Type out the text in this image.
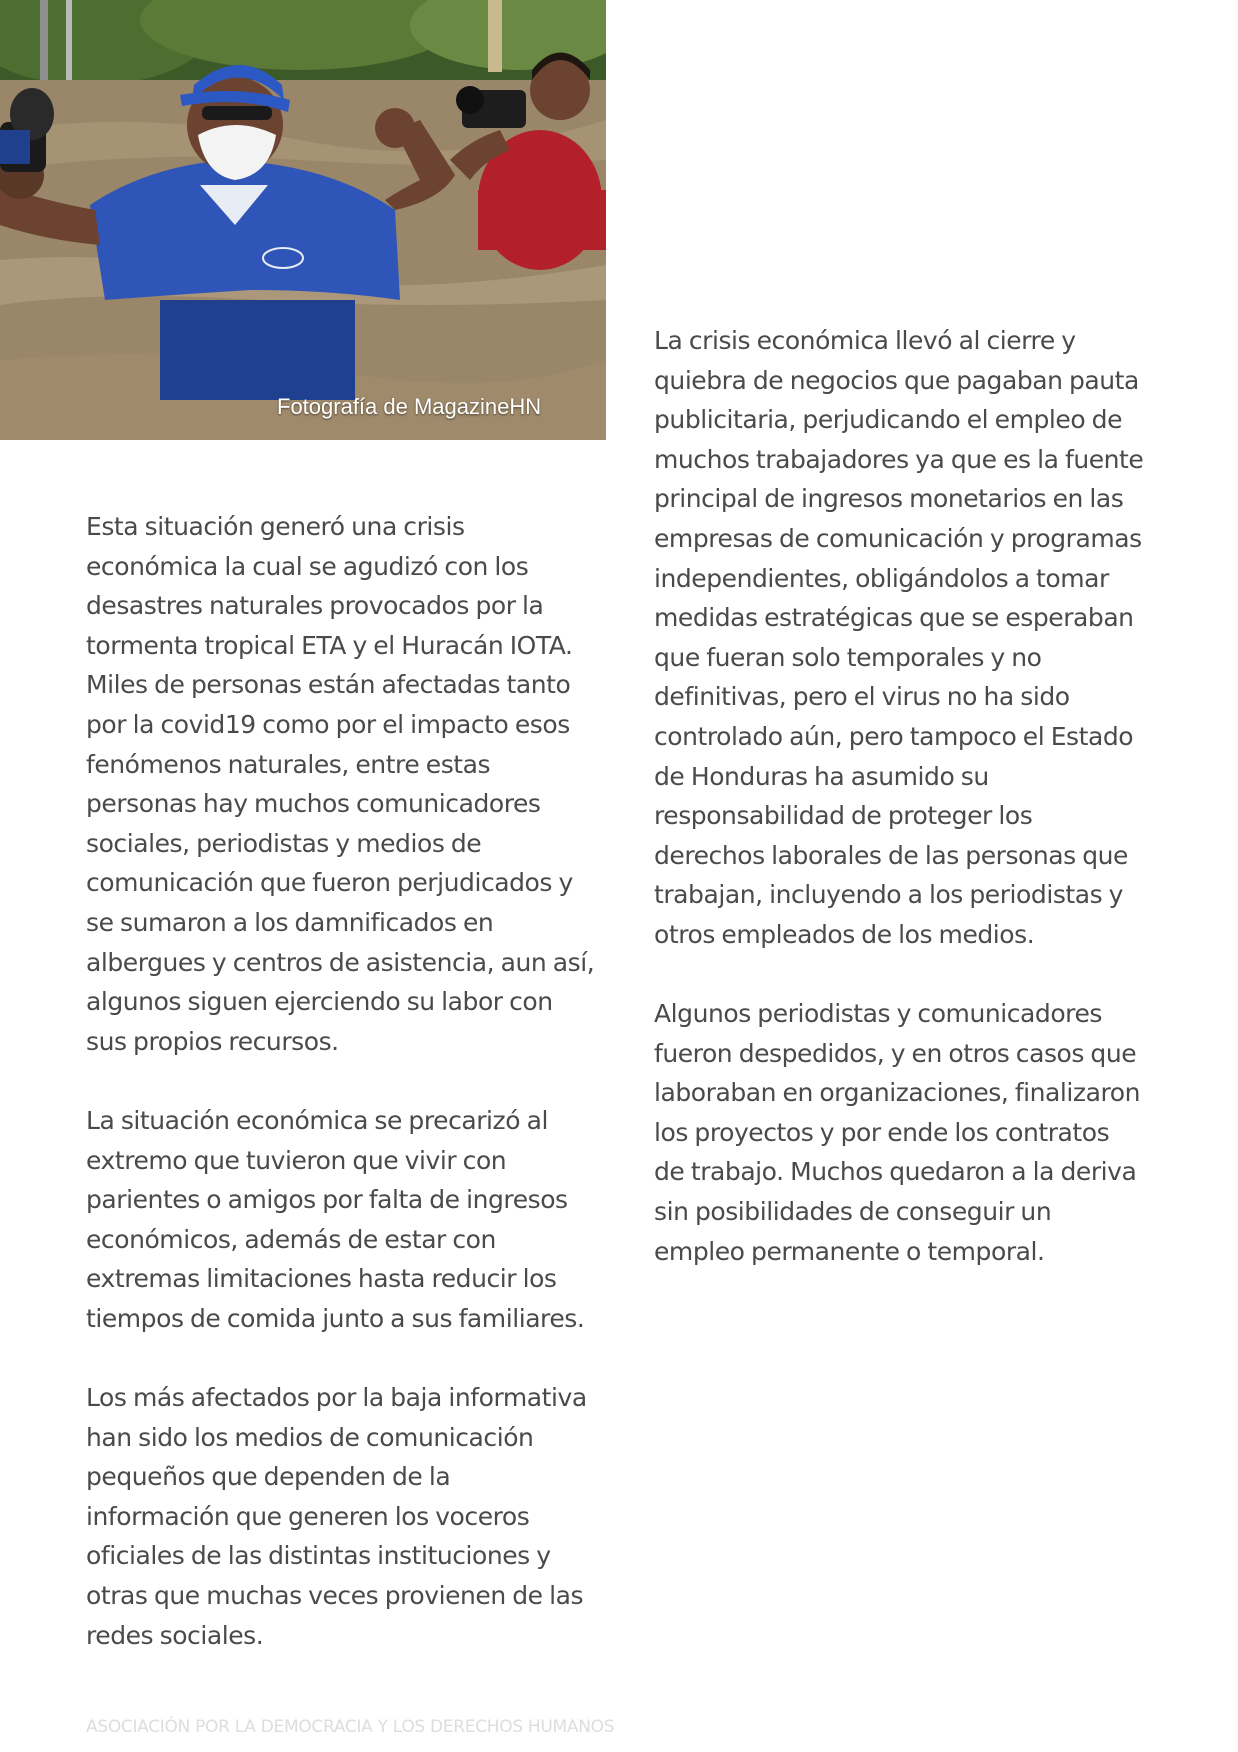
Fotografía de MagazineHN

Esta situación generó una crisis
económica la cual se agudizó con los
desastres naturales provocados por la
tormenta tropical ETA y el Huracán IOTA.
Miles de personas están afectadas tanto
por la covid19 como por el impacto esos
fenómenos naturales, entre estas
personas hay muchos comunicadores
sociales, periodistas y medios de
comunicación que fueron perjudicados y
se sumaron a los damnificados en
albergues y centros de asistencia, aun así,
algunos siguen ejerciendo su labor con
sus propios recursos.

La situación económica se precarizó al
extremo que tuvieron que vivir con
parientes o amigos por falta de ingresos
económicos, además de estar con
extremas limitaciones hasta reducir los
tiempos de comida junto a sus familiares.

Los más afectados por la baja informativa
han sido los medios de comunicación
pequeños que dependen de la
información que generen los voceros
oficiales de las distintas instituciones y
otras que muchas veces provienen de las
redes sociales.

La crisis económica llevó al cierre y
quiebra de negocios que pagaban pauta
publicitaria, perjudicando el empleo de
muchos trabajadores ya que es la fuente
principal de ingresos monetarios en las
empresas de comunicación y programas
independientes, obligándolos a tomar
medidas estratégicas que se esperaban
que fueran solo temporales y no
definitivas, pero el virus no ha sido
controlado aún, pero tampoco el Estado
de Honduras ha asumido su
responsabilidad de proteger los
derechos laborales de las personas que
trabajan, incluyendo a los periodistas y
otros empleados de los medios.

Algunos periodistas y comunicadores
fueron despedidos, y en otros casos que
laboraban en organizaciones, finalizaron
los proyectos y por ende los contratos
de trabajo. Muchos quedaron a la deriva
sin posibilidades de conseguir un
empleo permanente o temporal.

ASOCIACIÓN POR LA DEMOCRACIA Y LOS DERECHOS HUMANOS
